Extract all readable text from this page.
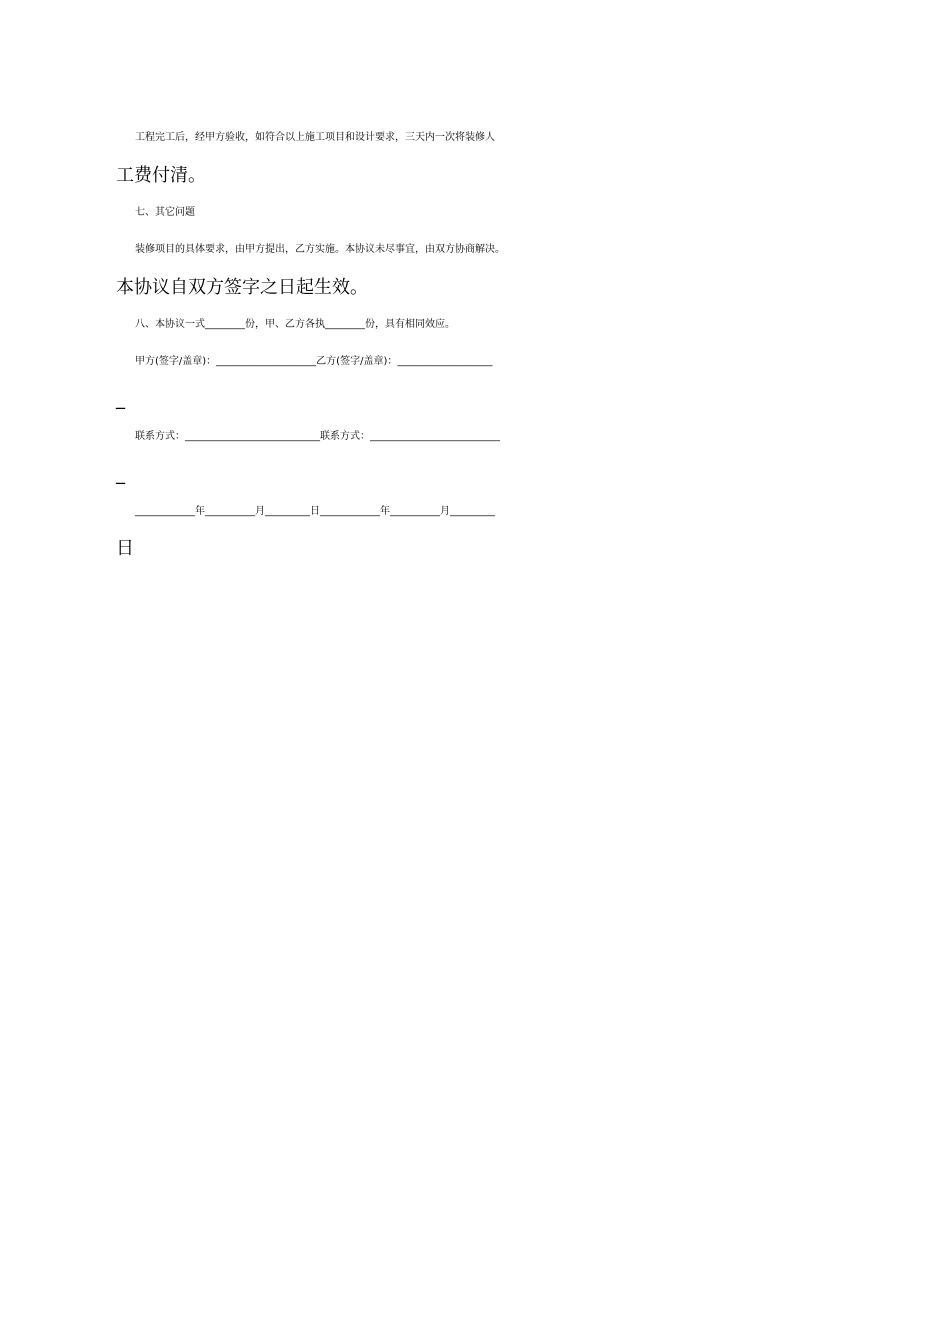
工程完工后，经甲方验收，如符合以上施工项目和设计要求，三天内一次将装修人
工费付清。
七、其它问题
装修项目的具体要求，由甲方提出，乙方实施。本协议未尽事宜，由双方协商解决。
本协议自双方签字之日起生效。
八、本协议一式________份，甲、乙方各执________份，具有相同效应。
甲方(签字/盖章)：____________________乙方(签字/盖章)：___________________
_
联系方式：___________________________联系方式：__________________________
_
____________年__________月_________日____________年__________月_________
日
